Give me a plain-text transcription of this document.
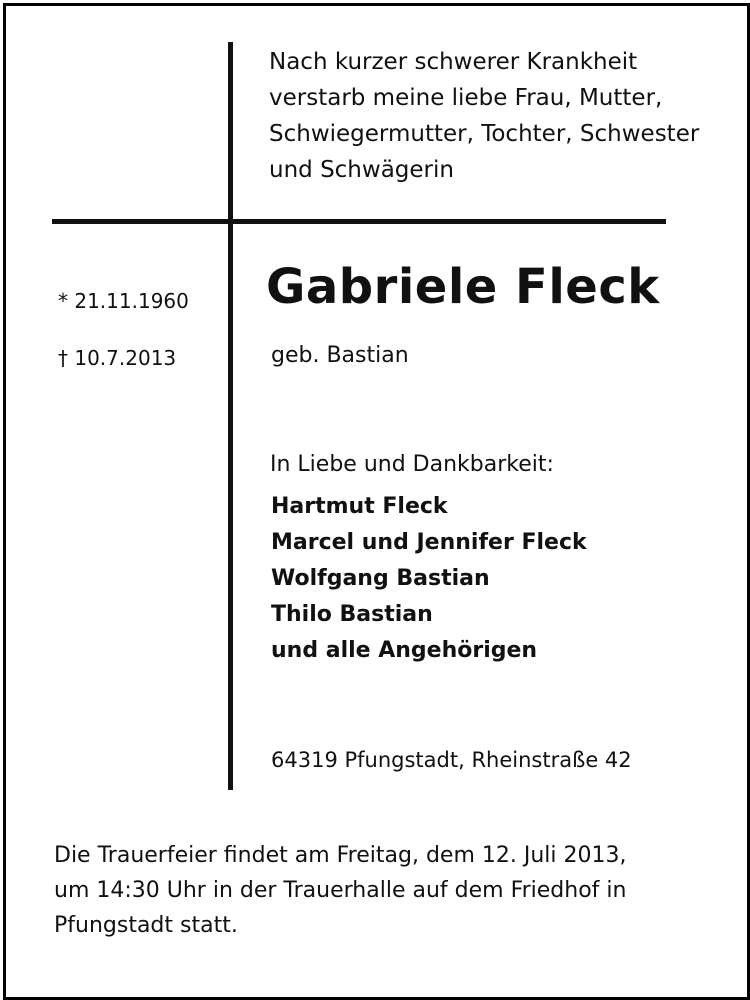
Nach kurzer schwerer Krankheit
verstarb meine liebe Frau, Mutter,
Schwiegermutter, Tochter, Schwester
und Schwägerin

* 21.11.1960
† 10.7.2013
Gabriele Fleck
geb. Bastian
In Liebe und Dankbarkeit:
Hartmut Fleck
Marcel und Jennifer Fleck
Wolfgang Bastian
Thilo Bastian
und alle Angehörigen
64319 Pfungstadt, Rheinstraße 42

Die Trauerfeier findet am Freitag, dem 12. Juli 2013,
um 14:30 Uhr in der Trauerhalle auf dem Friedhof in
Pfungstadt statt.
